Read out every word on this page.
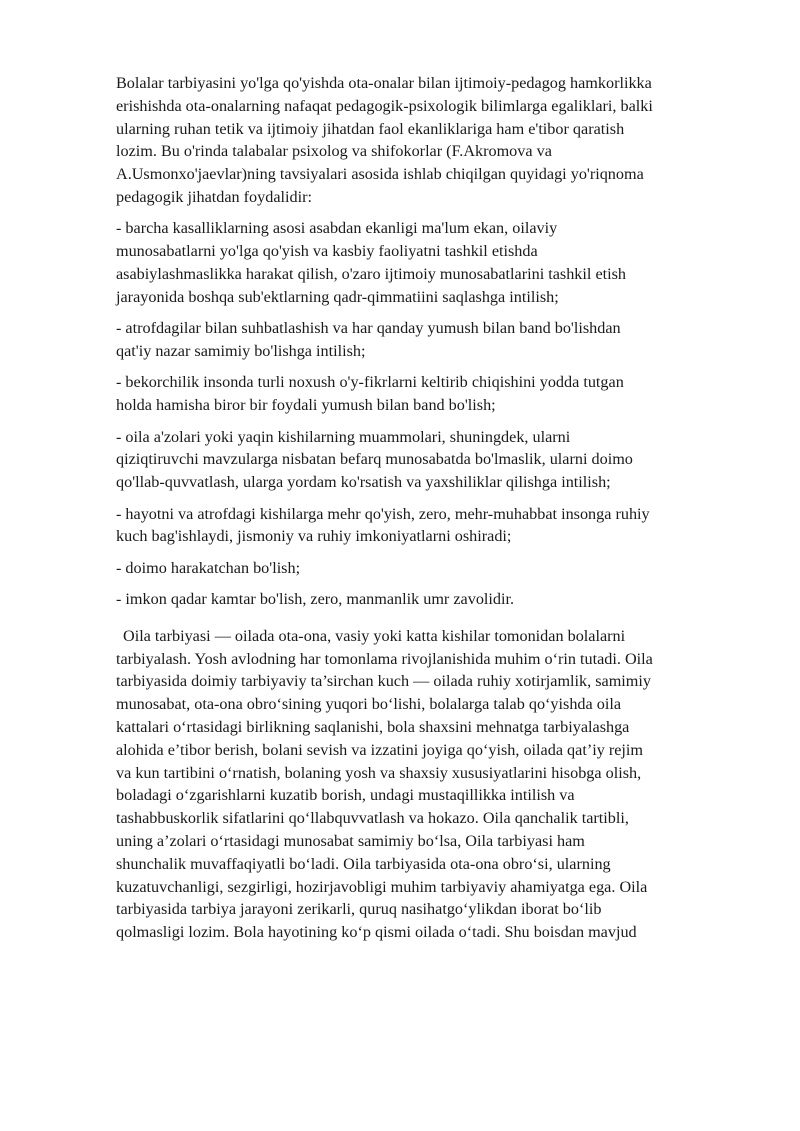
Bolalar tarbiyasini yo'lga qo'yishda ota-onalar bilan ijtimoiy-pedagog hamkorlikka
erishishda ota-onalarning nafaqat pedagogik-psixologik bilimlarga egaliklari, balki
ularning ruhan tetik va ijtimoiy jihatdan faol ekanliklariga ham e'tibor qaratish
lozim. Bu o'rinda talabalar psixolog va shifokorlar (F.Akromova va
A.Usmonxo'jaevlar)ning tavsiyalari asosida ishlab chiqilgan quyidagi yo'riqnoma
pedagogik jihatdan foydalidir:

- barcha kasalliklarning asosi asabdan ekanligi ma'lum ekan, oilaviy
munosabatlarni yo'lga qo'yish va kasbiy faoliyatni tashkil etishda
asabiylashmaslikka harakat qilish, o'zaro ijtimoiy munosabatlarini tashkil etish
jarayonida boshqa sub'ektlarning qadr-qimmatiini saqlashga intilish;

- atrofdagilar bilan suhbatlashish va har qanday yumush bilan band bo'lishdan
qat'iy nazar samimiy bo'lishga intilish;

- bekorchilik insonda turli noxush o'y-fikrlarni keltirib chiqishini yodda tutgan
holda hamisha biror bir foydali yumush bilan band bo'lish;

- oila a'zolari yoki yaqin kishilarning muammolari, shuningdek, ularni
qiziqtiruvchi mavzularga nisbatan befarq munosabatda bo'lmaslik, ularni doimo
qo'llab-quvvatlash, ularga yordam ko'rsatish va yaxshiliklar qilishga intilish;

- hayotni va atrofdagi kishilarga mehr qo'yish, zero, mehr-muhabbat insonga ruhiy
kuch bag'ishlaydi, jismoniy va ruhiy imkoniyatlarni oshiradi;

- doimo harakatchan bo'lish;

- imkon qadar kamtar bo'lish, zero, manmanlik umr zavolidir.

Oila tarbiyasi — oilada ota-ona, vasiy yoki katta kishilar tomonidan bolalarni
tarbiyalash. Yosh avlodning har tomonlama rivojlanishida muhim oʻrin tutadi. Oila
tarbiyasida doimiy tarbiyaviy ta’sirchan kuch — oilada ruhiy xotirjamlik, samimiy
munosabat, ota-ona obroʻsining yuqori boʻlishi, bolalarga talab qoʻyishda oila
kattalari oʻrtasidagi birlikning saqlanishi, bola shaxsini mehnatga tarbiyalashga
alohida e’tibor berish, bolani sevish va izzatini joyiga qoʻyish, oilada qat’iy rejim
va kun tartibini oʻrnatish, bolaning yosh va shaxsiy xususiyatlarini hisobga olish,
boladagi oʻzgarishlarni kuzatib borish, undagi mustaqillikka intilish va
tashabbuskorlik sifatlarini qoʻllabquvvatlash va hokazo. Oila qanchalik tartibli,
uning a’zolari oʻrtasidagi munosabat samimiy boʻlsa, Oila tarbiyasi ham
shunchalik muvaffaqiyatli boʻladi. Oila tarbiyasida ota-ona obroʻsi, ularning
kuzatuvchanligi, sezgirligi, hozirjavobligi muhim tarbiyaviy ahamiyatga ega. Oila
tarbiyasida tarbiya jarayoni zerikarli, quruq nasihatgoʻylikdan iborat boʻlib
qolmasligi lozim. Bola hayotining koʻp qismi oilada oʻtadi. Shu boisdan mavjud
